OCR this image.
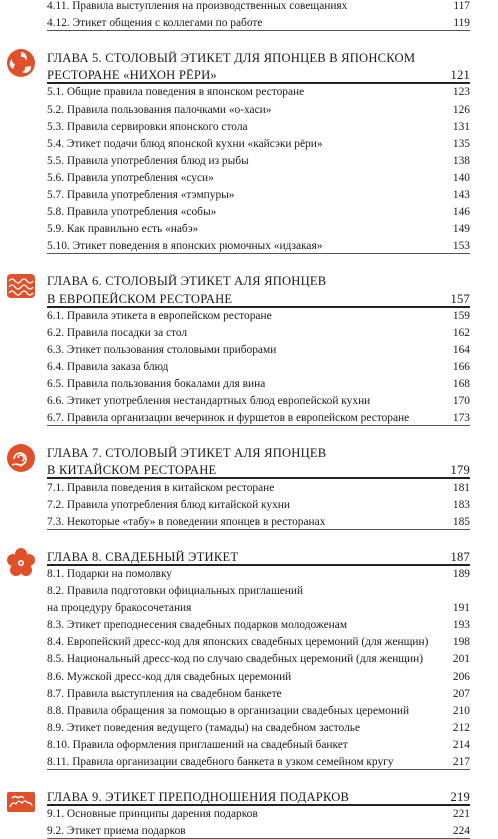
4.11. Правила выступления на производственных совещаниях	117
4.12. Этикет общения с коллегами по работе	119
ГЛАВА 5. СТОЛОВЫЙ ЭТИКЕТ ДЛЯ ЯПОНЦЕВ В ЯПОНСКОМ
РЕСТОРАНЕ «НИХОН РЁРИ»	121
5.1. Общие правила поведения в японском ресторане	123
5.2. Правила пользования палочками «о-хаси»	126
5.3. Правила сервировки японского стола	131
5.4. Этикет подачи блюд японской кухни «кайсэки рёри»	135
5.5. Правила употребления блюд из рыбы	138
5.6. Правила употребления «суси»	140
5.7. Правила употребления «тэмпуры»	143
5.8. Правила употребления «собы»	146
5.9. Как правильно есть «набэ»	149
5.10. Этикет поведения в японских рюмочных «идзакая»	153
ГЛАВА 6. СТОЛОВЫЙ ЭТИКЕТ АЛЯ ЯПОНЦЕВ
В ЕВРОПЕЙСКОМ РЕСТОРАНЕ	157
6.1. Правила этикета в европейском ресторане	159
6.2. Правила посадки за стол	162
6.3. Этикет пользования столовыми приборами	164
6.4. Правила заказа блюд	166
6.5. Правила пользования бокалами для вина	168
6.6. Этикет употребления нестандартных блюд европейской кухни	170
6.7. Правила организации вечеринок и фуршетов в европейском ресторане	173
ГЛАВА 7. СТОЛОВЫЙ ЭТИКЕТ АЛЯ ЯПОНЦЕВ
В КИТАЙСКОМ РЕСТОРАНЕ	179
7.1. Правила поведения в китайском ресторане	181
7.2. Правила употребления блюд китайской кухни	183
7.3. Некоторые «табу» в поведении японцев в ресторанах	185
ГЛАВА 8. СВАДЕБНЫЙ ЭТИКЕТ	187
8.1. Подарки на помолвку	189
8.2. Правила подготовки официальных приглашений
на процедуру бракосочетания	191
8.3. Этикет преподнесения свадебных подарков молодоженам	193
8.4. Европейский дресс-код для японских свадебных церемоний (для женщин)	198
8.5. Национальный дресс-код по случаю свадебных церемоний (для женщин)	201
8.6. Мужской дресс-код для свадебных церемоний	206
8.7. Правила выступления на свадебном банкете	207
8.8. Правила обращения за помощью в организации свадебных церемоний	210
8.9. Этикет поведения ведущего (тамады) на свадебном застолье	212
8.10. Правила оформления приглашений на свадебный банкет	214
8.11. Правила организации свадебного банкета в узком семейном кругу	217
ГЛАВА 9. ЭТИКЕТ ПРЕПОДНОШЕНИЯ ПОДАРКОВ	219
9.1. Основные принципы дарения подарков	221
9.2. Этикет приема подарков	224
